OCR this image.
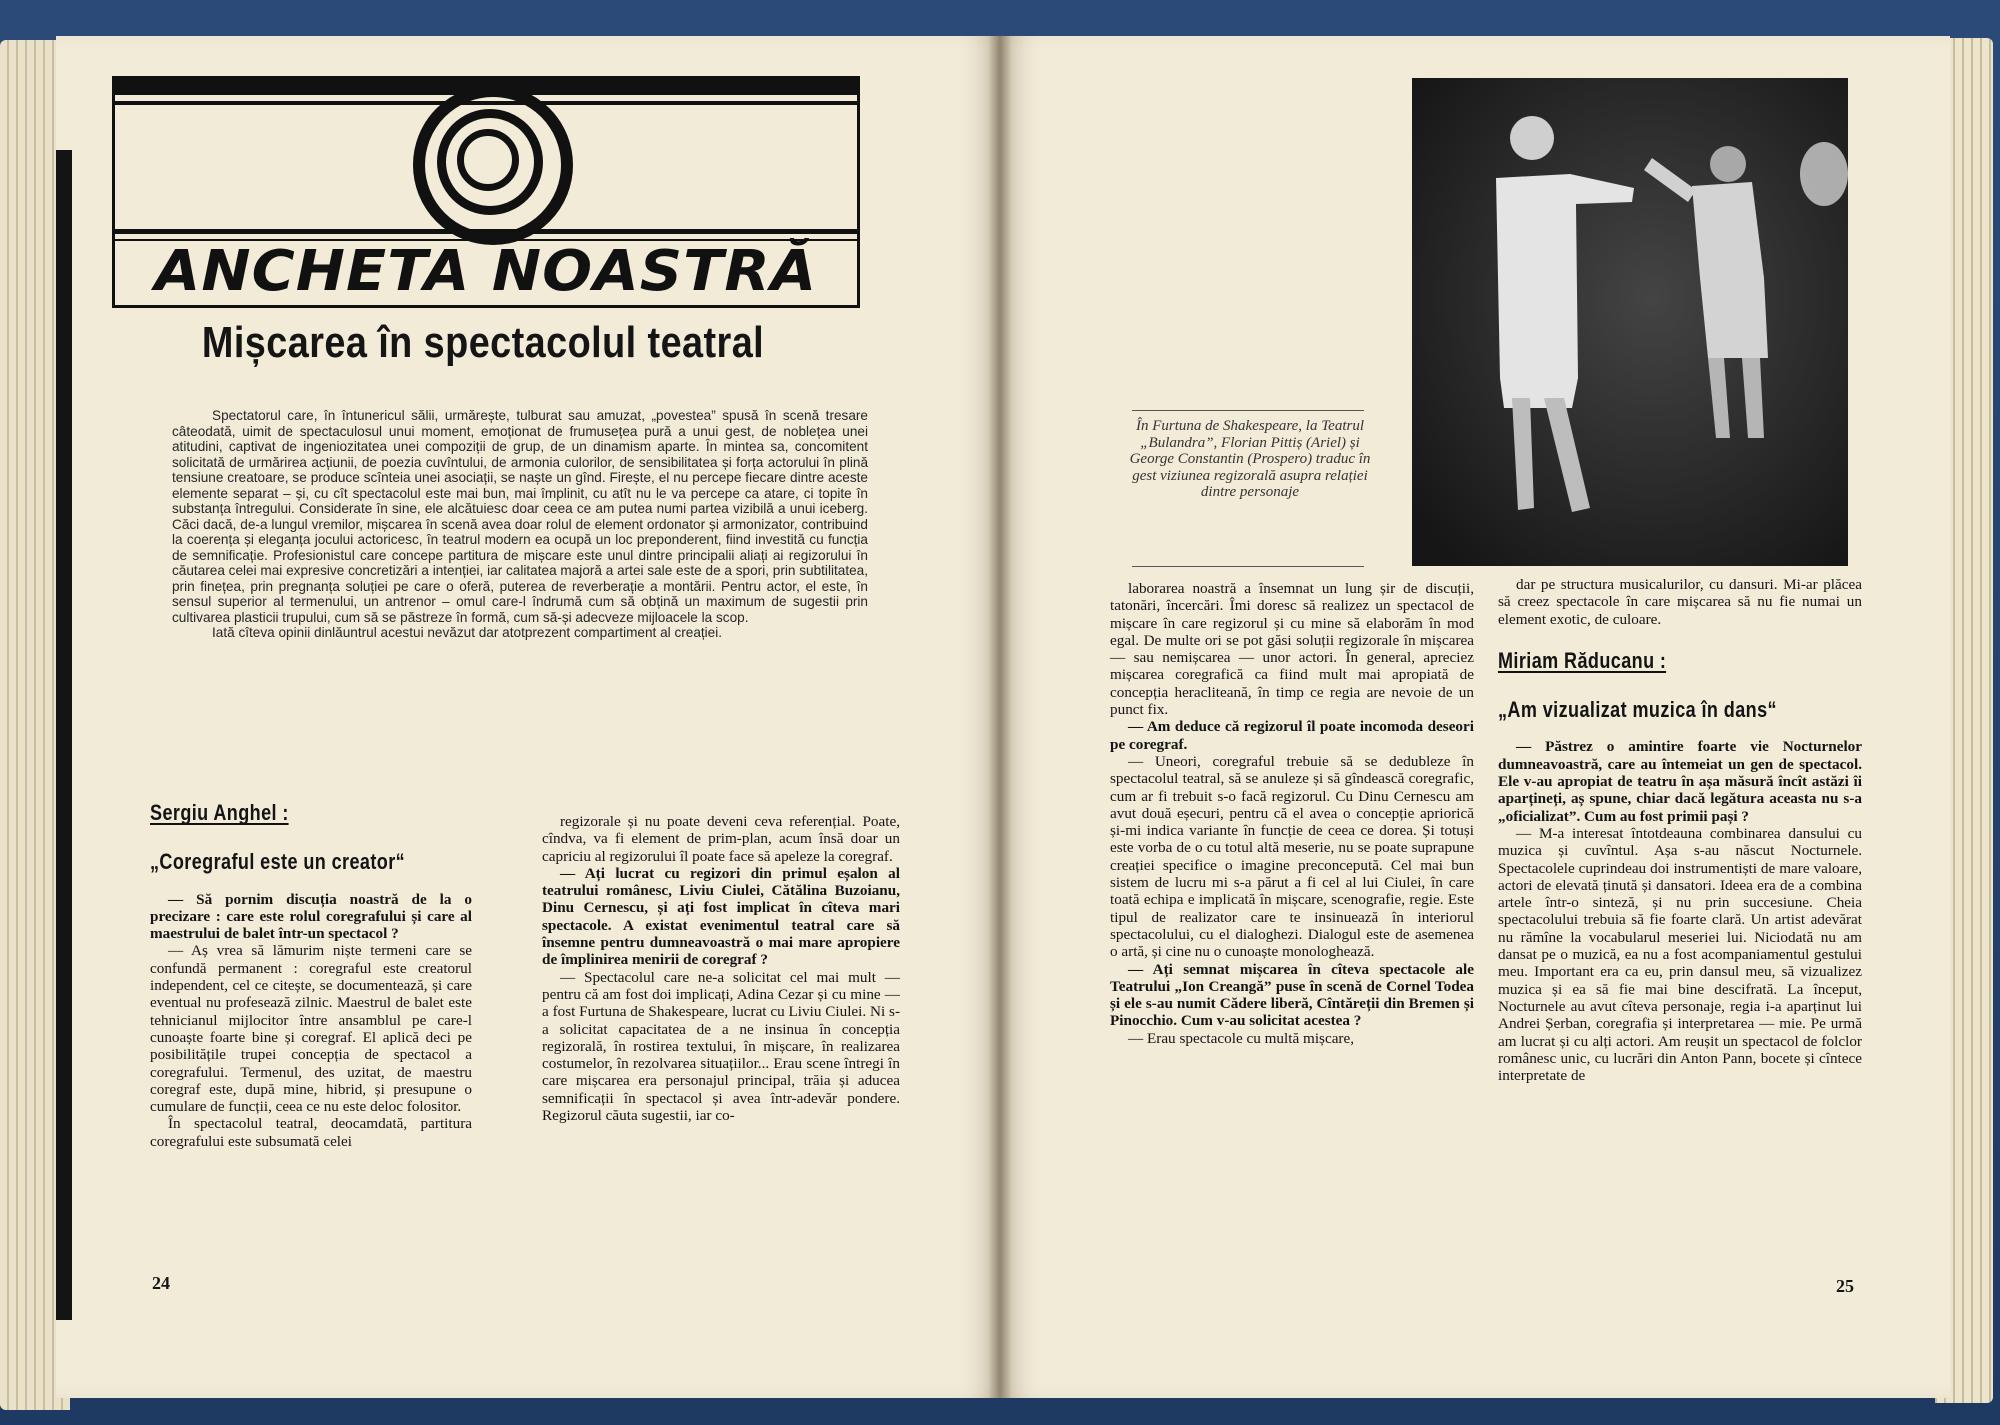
ANCHETA NOASTRĂ
Mișcarea în spectacolul teatral
Spectatorul care, în întunericul sălii, urmărește, tulburat sau amuzat, „povestea” spusă în scenă tresare câteodată, uimit de spectaculosul unui moment, emoționat de frumusețea pură a unui gest, de noblețea unei atitudini, captivat de ingeniozitatea unei compoziții de grup, de un dinamism aparte. În mintea sa, concomitent solicitată de urmărirea acțiunii, de poezia cuvîntului, de armonia culorilor, de sensibilitatea și forța actorului în plină tensiune creatoare, se produce scînteia unei asociații, se naște un gînd. Firește, el nu percepe fiecare dintre aceste elemente separat – și, cu cît spectacolul este mai bun, mai împlinit, cu atît nu le va percepe ca atare, ci topite în substanța întregului. Considerate în sine, ele alcătuiesc doar ceea ce am putea numi partea vizibilă a unui iceberg. Căci dacă, de-a lungul vremilor, mișcarea în scenă avea doar rolul de element ordonator și armonizator, contribuind la coerența și eleganța jocului actoricesc, în teatrul modern ea ocupă un loc preponderent, fiind investită cu funcția de semnificație. Profesionistul care concepe partitura de mișcare este unul dintre principalii aliați ai regizorului în căutarea celei mai expresive concretizări a intenției, iar calitatea majoră a artei sale este de a spori, prin subtilitatea, prin finețea, prin pregnanța soluției pe care o oferă, puterea de reverberație a montării. Pentru actor, el este, în sensul superior al termenului, un antrenor – omul care-l îndrumă cum să obțină un maximum de sugestii prin cultivarea plasticii trupului, cum să se păstreze în formă, cum să-și adecveze mijloacele la scop.
Iată cîteva opinii dinlăuntrul acestui nevăzut dar atotprezent compartiment al creației.
Sergiu Anghel :
„Coregraful este un creator“

— Să pornim discuția noastră de la o precizare : care este rolul coregrafului și care al maestrului de balet într-un spectacol ?

— Aș vrea să lămurim niște termeni care se confundă permanent : coregraful este creatorul independent, cel ce citește, se documentează, și care eventual nu profesează zilnic. Maestrul de balet este tehnicianul mijlocitor între ansamblul pe care-l cunoaște foarte bine și coregraf. El aplică deci pe posibilitățile trupei concepția de spectacol a coregrafului. Termenul, des uzitat, de maestru coregraf este, după mine, hibrid, și presupune o cumulare de funcții, ceea ce nu este deloc folositor.

În spectacolul teatral, deocamdată, partitura coregrafului este subsumată celei

regizorale și nu poate deveni ceva referențial. Poate, cîndva, va fi element de prim-plan, acum însă doar un capriciu al regizorului îl poate face să apeleze la coregraf.

— Ați lucrat cu regizori din primul eșalon al teatrului românesc, Liviu Ciulei, Cătălina Buzoianu, Dinu Cernescu, și ați fost implicat în cîteva mari spectacole. A existat evenimentul teatral care să însemne pentru dumneavoastră o mai mare apropiere de împlinirea menirii de coregraf ?

— Spectacolul care ne-a solicitat cel mai mult — pentru că am fost doi implicați, Adina Cezar și cu mine — a fost Furtuna de Shakespeare, lucrat cu Liviu Ciulei. Ni s-a solicitat capacitatea de a ne insinua în concepția regizorală, în rostirea textului, în mișcare, în realizarea costumelor, în rezolvarea situațiilor... Erau scene întregi în care mișcarea era personajul principal, trăia și aducea semnificații în spectacol și avea într-adevăr pondere. Regizorul căuta sugestii, iar co-

24
În Furtuna de Shakespeare, la Teatrul „Bulandra”, Florian Pittiș (Ariel) și George Constantin (Prospero) traduc în gest viziunea regizorală asupra relației dintre personaje

laborarea noastră a însemnat un lung șir de discuții, tatonări, încercări. Îmi doresc să realizez un spectacol de mișcare în care regizorul și cu mine să elaborăm în mod egal. De multe ori se pot găsi soluții regizorale în mișcarea — sau nemișcarea — unor actori. În general, apreciez mișcarea coregrafică ca fiind mult mai apropiată de concepția heracliteană, în timp ce regia are nevoie de un punct fix.

— Am deduce că regizorul îl poate incomoda deseori pe coregraf.

— Uneori, coregraful trebuie să se dedubleze în spectacolul teatral, să se anuleze și să gîndească coregrafic, cum ar fi trebuit s-o facă regizorul. Cu Dinu Cernescu am avut două eșecuri, pentru că el avea o concepție apriorică și-mi indica variante în funcție de ceea ce dorea. Și totuși este vorba de o cu totul altă meserie, nu se poate suprapune creației specifice o imagine preconcepută. Cel mai bun sistem de lucru mi s-a părut a fi cel al lui Ciulei, în care toată echipa e implicată în mișcare, scenografie, regie. Este tipul de realizator care te insinuează în interiorul spectacolului, cu el dialoghezi. Dialogul este de asemenea o artă, și cine nu o cunoaște monologhează.

— Ați semnat mișcarea în cîteva spectacole ale Teatrului „Ion Creangă” puse în scenă de Cornel Todea și ele s-au numit Cădere liberă, Cîntăreții din Bremen și Pinocchio. Cum v-au solicitat acestea ?

— Erau spectacole cu multă mișcare,

dar pe structura musicalurilor, cu dansuri. Mi-ar plăcea să creez spectacole în care mișcarea să nu fie numai un element exotic, de culoare.

Miriam Răducanu :
„Am vizualizat muzica în dans“

— Păstrez o amintire foarte vie Nocturnelor dumneavoastră, care au întemeiat un gen de spectacol. Ele v-au apropiat de teatru în așa măsură încît astăzi îi aparțineți, aș spune, chiar dacă legătura aceasta nu s-a „oficializat”. Cum au fost primii pași ?

— M-a interesat întotdeauna combinarea dansului cu muzica și cuvîntul. Așa s-au născut Nocturnele. Spectacolele cuprindeau doi instrumentiști de mare valoare, actori de elevată ținută și dansatori. Ideea era de a combina artele într-o sinteză, și nu prin succesiune. Cheia spectacolului trebuia să fie foarte clară. Un artist adevărat nu rămîne la vocabularul meseriei lui. Niciodată nu am dansat pe o muzică, ea nu a fost acompaniamentul gestului meu. Important era ca eu, prin dansul meu, să vizualizez muzica și ea să fie mai bine descifrată. La început, Nocturnele au avut cîteva personaje, regia i-a aparținut lui Andrei Șerban, coregrafia și interpretarea — mie. Pe urmă am lucrat și cu alți actori. Am reușit un spectacol de folclor românesc unic, cu lucrări din Anton Pann, bocete și cîntece interpretate de

25
